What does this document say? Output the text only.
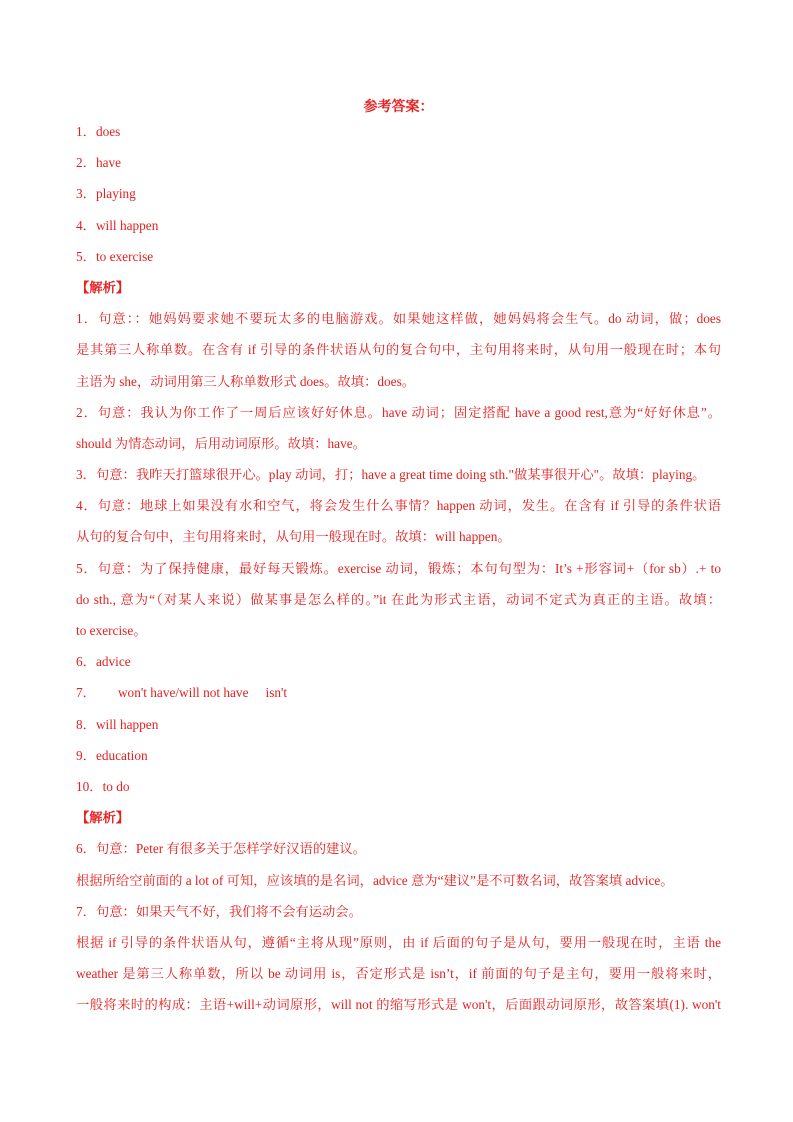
参考答案：
1．does
2．have
3．playing
4．will happen
5．to exercise
【解析】
1．句意：：她妈妈要求她不要玩太多的电脑游戏。如果她这样做，她妈妈将会生气。do 动词，做；does
是其第三人称单数。在含有 if 引导的条件状语从句的复合句中，主句用将来时，从句用一般现在时；本句
主语为 she，动词用第三人称单数形式 does。故填：does。
2．句意：我认为你工作了一周后应该好好休息。have 动词；固定搭配 have a good rest,意为“好好休息”。
should 为情态动词，后用动词原形。故填：have。
3．句意：我昨天打篮球很开心。play 动词，打；have a great time doing sth."做某事很开心"。故填：playing。
4．句意：地球上如果没有水和空气，将会发生什么事情？happen 动词，发生。在含有 if 引导的条件状语
从句的复合句中，主句用将来时，从句用一般现在时。故填：will happen。
5．句意：为了保持健康，最好每天锻炼。exercise 动词，锻炼；本句句型为：It’s +形容词+（for sb）.+ to
do sth., 意为“（对某人来说）做某事是怎么样的。”it 在此为形式主语，动词不定式为真正的主语。故填：
to exercise。
6．advice
7． won't have/will not have isn't
8．will happen
9．education
10．to do
【解析】
6．句意：Peter 有很多关于怎样学好汉语的建议。
根据所给空前面的 a lot of 可知，应该填的是名词，advice 意为“建议”是不可数名词，故答案填 advice。
7．句意：如果天气不好，我们将不会有运动会。
根据 if 引导的条件状语从句，遵循“主将从现”原则，由 if 后面的句子是从句，要用一般现在时，主语 the
weather 是第三人称单数，所以 be 动词用 is，否定形式是 isn’t，if 前面的句子是主句，要用一般将来时，
一般将来时的构成：主语+will+动词原形，will not 的缩写形式是 won't，后面跟动词原形，故答案填(1). won't
